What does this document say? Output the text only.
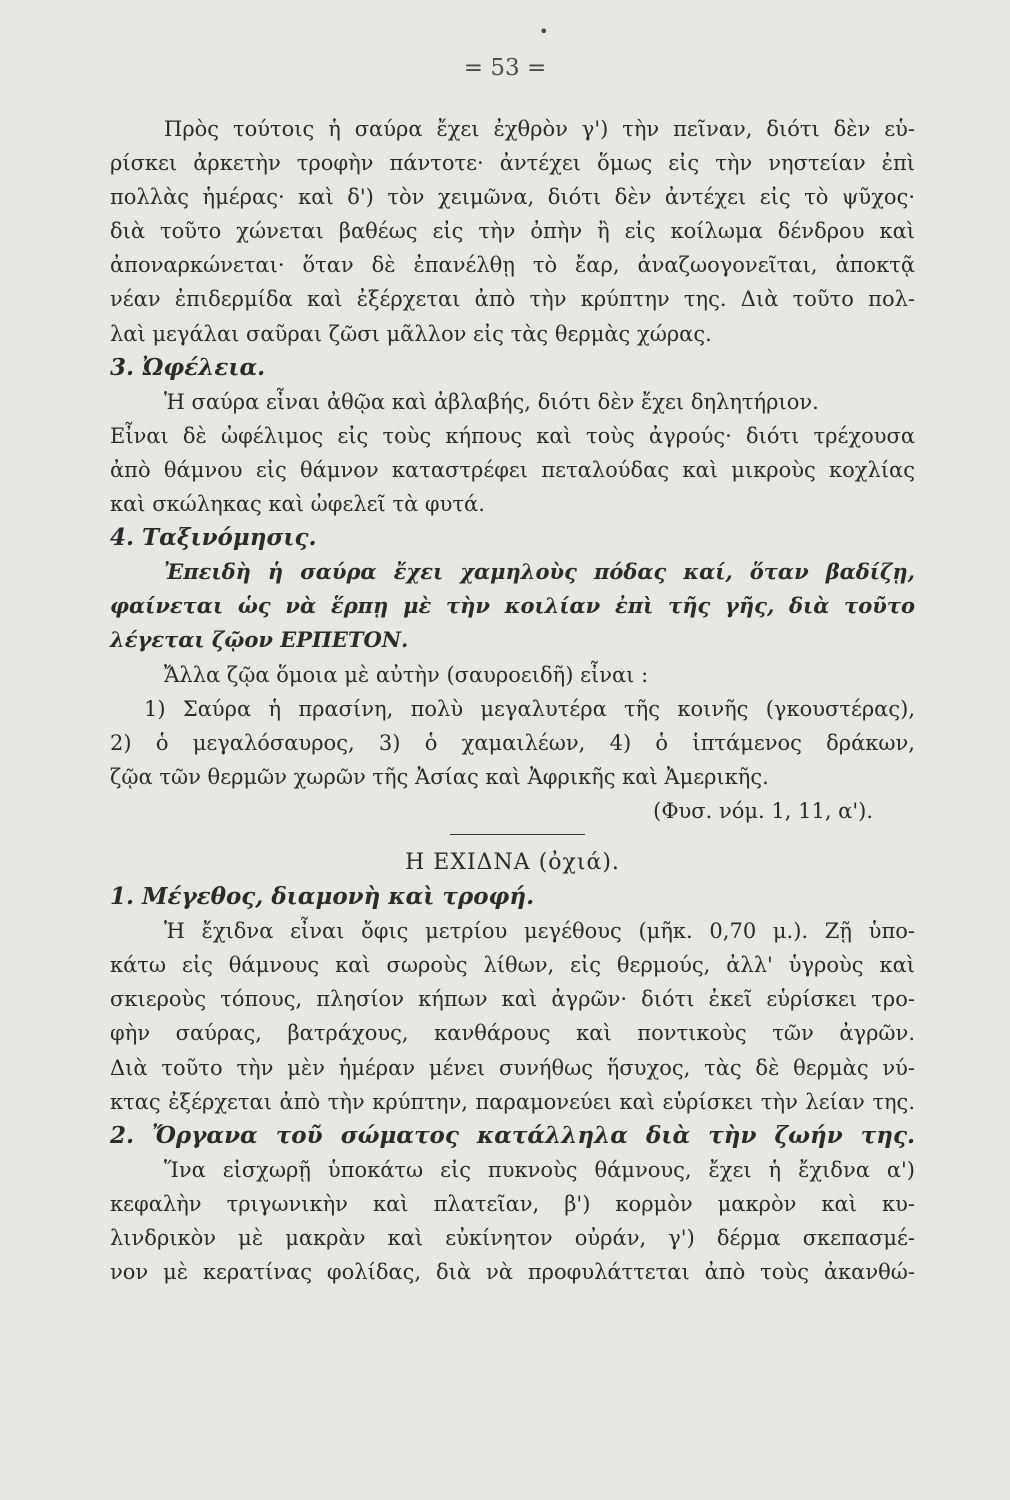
•
= 53 =
Πρὸς τούτοις ἡ σαύρα ἔχει ἐχθρὸν γ') τὴν πεῖναν, διότι δὲν εὑ-
ρίσκει ἀρκετὴν τροφὴν πάντοτε· ἀντέχει ὅμως εἰς τὴν νηστείαν ἐπὶ
πολλὰς ἡμέρας· καὶ δ') τὸν χειμῶνα, διότι δὲν ἀντέχει εἰς τὸ ψῦχος·
διὰ τοῦτο χώνεται βαθέως εἰς τὴν ὀπὴν ἢ εἰς κοίλωμα δένδρου καὶ
ἀποναρκώνεται· ὅταν δὲ ἐπανέλθῃ τὸ ἔαρ, ἀναζωογονεῖται, ἀποκτᾷ
νέαν ἐπιδερμίδα καὶ ἐξέρχεται ἀπὸ τὴν κρύπτην της. Διὰ τοῦτο πολ-
λαὶ μεγάλαι σαῦραι ζῶσι μᾶλλον εἰς τὰς θερμὰς χώρας.
3. Ὠφέλεια.
Ἡ σαύρα εἶναι ἀθῷα καὶ ἀβλαβής, διότι δὲν ἔχει δηλητήριον.
Εἶναι δὲ ὠφέλιμος εἰς τοὺς κήπους καὶ τοὺς ἀγρούς· διότι τρέχουσα
ἀπὸ θάμνου εἰς θάμνον καταστρέφει πεταλούδας καὶ μικροὺς κοχλίας
καὶ σκώληκας καὶ ὠφελεῖ τὰ φυτά.
4. Ταξινόμησις.
Ἐπειδὴ ἡ σαύρα ἔχει χαμηλοὺς πόδας καί, ὅταν βαδίζῃ,
φαίνεται ὡς νὰ ἕρπῃ μὲ τὴν κοιλίαν ἐπὶ τῆς γῆς, διὰ τοῦτο
λέγεται ζῷον ΕΡΠΕΤΟΝ.
Ἄλλα ζῷα ὅμοια μὲ αὐτὴν (σαυροειδῆ) εἶναι :
1) Σαύρα ἡ πρασίνη, πολὺ μεγαλυτέρα τῆς κοινῆς (γκουστέρας),
2) ὁ μεγαλόσαυρος, 3) ὁ χαμαιλέων, 4) ὁ ἱπτάμενος δράκων,
ζῷα τῶν θερμῶν χωρῶν τῆς Ἀσίας καὶ Ἀφρικῆς καὶ Ἀμερικῆς.
(Φυσ. νόμ. 1, 11, α').
Η ΕΧΙΔΝΑ (ὀχιά).
1. Μέγεθος, διαμονὴ καὶ τροφή.
Ἡ ἔχιδνα εἶναι ὄφις μετρίου μεγέθους (μῆκ. 0,70 μ.). Ζῇ ὑπο-
κάτω εἰς θάμνους καὶ σωροὺς λίθων, εἰς θερμούς, ἀλλ' ὑγροὺς καὶ
σκιεροὺς τόπους, πλησίον κήπων καὶ ἀγρῶν· διότι ἐκεῖ εὑρίσκει τρο-
φὴν σαύρας, βατράχους, κανθάρους καὶ ποντικοὺς τῶν ἀγρῶν.
Διὰ τοῦτο τὴν μὲν ἡμέραν μένει συνήθως ἥσυχος, τὰς δὲ θερμὰς νύ-
κτας ἐξέρχεται ἀπὸ τὴν κρύπτην, παραμονεύει καὶ εὑρίσκει τὴν λείαν της.
2. Ὄργανα τοῦ σώματος κατάλληλα διὰ τὴν ζωήν της.
Ἵνα εἰσχωρῇ ὑποκάτω εἰς πυκνοὺς θάμνους, ἔχει ἡ ἔχιδνα α')
κεφαλὴν τριγωνικὴν καὶ πλατεῖαν, β') κορμὸν μακρὸν καὶ κυ-
λινδρικὸν μὲ μακρὰν καὶ εὐκίνητον οὐράν, γ') δέρμα σκεπασμέ-
νον μὲ κερατίνας φολίδας, διὰ νὰ προφυλάττεται ἀπὸ τοὺς ἀκανθώ-
